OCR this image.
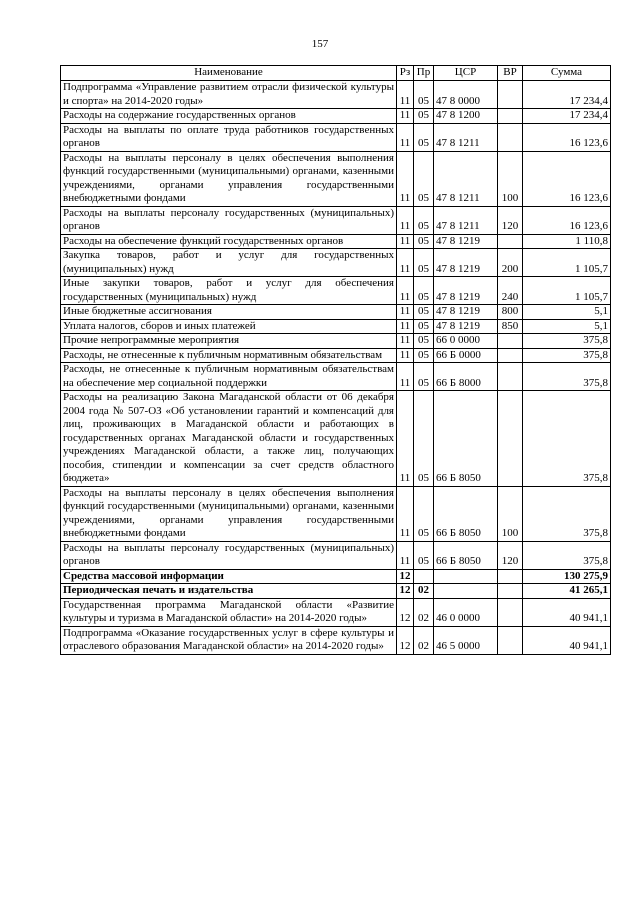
157
Наименование	Рз	Пр	ЦСР	ВР	Сумма
Подпрограмма «Управление развитием отрасли физической культуры и спорта» на 2014-2020 годы»	11	05	47 8 0000		17 234,4
Расходы на содержание государственных органов	11	05	47 8 1200		17 234,4
Расходы на выплаты по оплате труда работников государственных органов	11	05	47 8 1211		16 123,6
Расходы на выплаты персоналу в целях обеспечения выполнения функций государственными (муниципальными) органами, казенными учреждениями, органами управления государственными внебюджетными фондами	11	05	47 8 1211	100	16 123,6
Расходы на выплаты персоналу государственных (муниципальных) органов	11	05	47 8 1211	120	16 123,6
Расходы на обеспечение функций государственных органов	11	05	47 8 1219		1 110,8
Закупка товаров, работ и услуг для государственных (муниципальных) нужд	11	05	47 8 1219	200	1 105,7
Иные закупки товаров, работ и услуг для обеспечения государственных (муниципальных) нужд	11	05	47 8 1219	240	1 105,7
Иные бюджетные ассигнования	11	05	47 8 1219	800	5,1
Уплата налогов, сборов и иных платежей	11	05	47 8 1219	850	5,1
Прочие непрограммные мероприятия	11	05	66 0 0000		375,8
Расходы, не отнесенные к публичным нормативным обязательствам	11	05	66 Б 0000		375,8
Расходы, не отнесенные к публичным нормативным обязательствам на обеспечение мер социальной поддержки	11	05	66 Б 8000		375,8
Расходы на реализацию Закона Магаданской области от 06 декабря 2004 года № 507-ОЗ «Об установлении гарантий и компенсаций для лиц, проживающих в Магаданской области и работающих в государственных органах Магаданской области и государственных учреждениях Магаданской области, а также лиц, получающих пособия, стипендии и компенсации за счет средств областного бюджета»	11	05	66 Б 8050		375,8
Расходы на выплаты персоналу в целях обеспечения выполнения функций государственными (муниципальными) органами, казенными учреждениями, органами управления государственными внебюджетными фондами	11	05	66 Б 8050	100	375,8
Расходы на выплаты персоналу государственных (муниципальных) органов	11	05	66 Б 8050	120	375,8
Средства массовой информации	12				130 275,9
Периодическая печать и издательства	12	02			41 265,1
Государственная программа Магаданской области «Развитие культуры и туризма в Магаданской области» на 2014-2020 годы»	12	02	46 0 0000		40 941,1
Подпрограмма «Оказание государственных услуг в сфере культуры и отраслевого образования Магаданской области» на 2014-2020 годы»	12	02	46 5 0000		40 941,1
